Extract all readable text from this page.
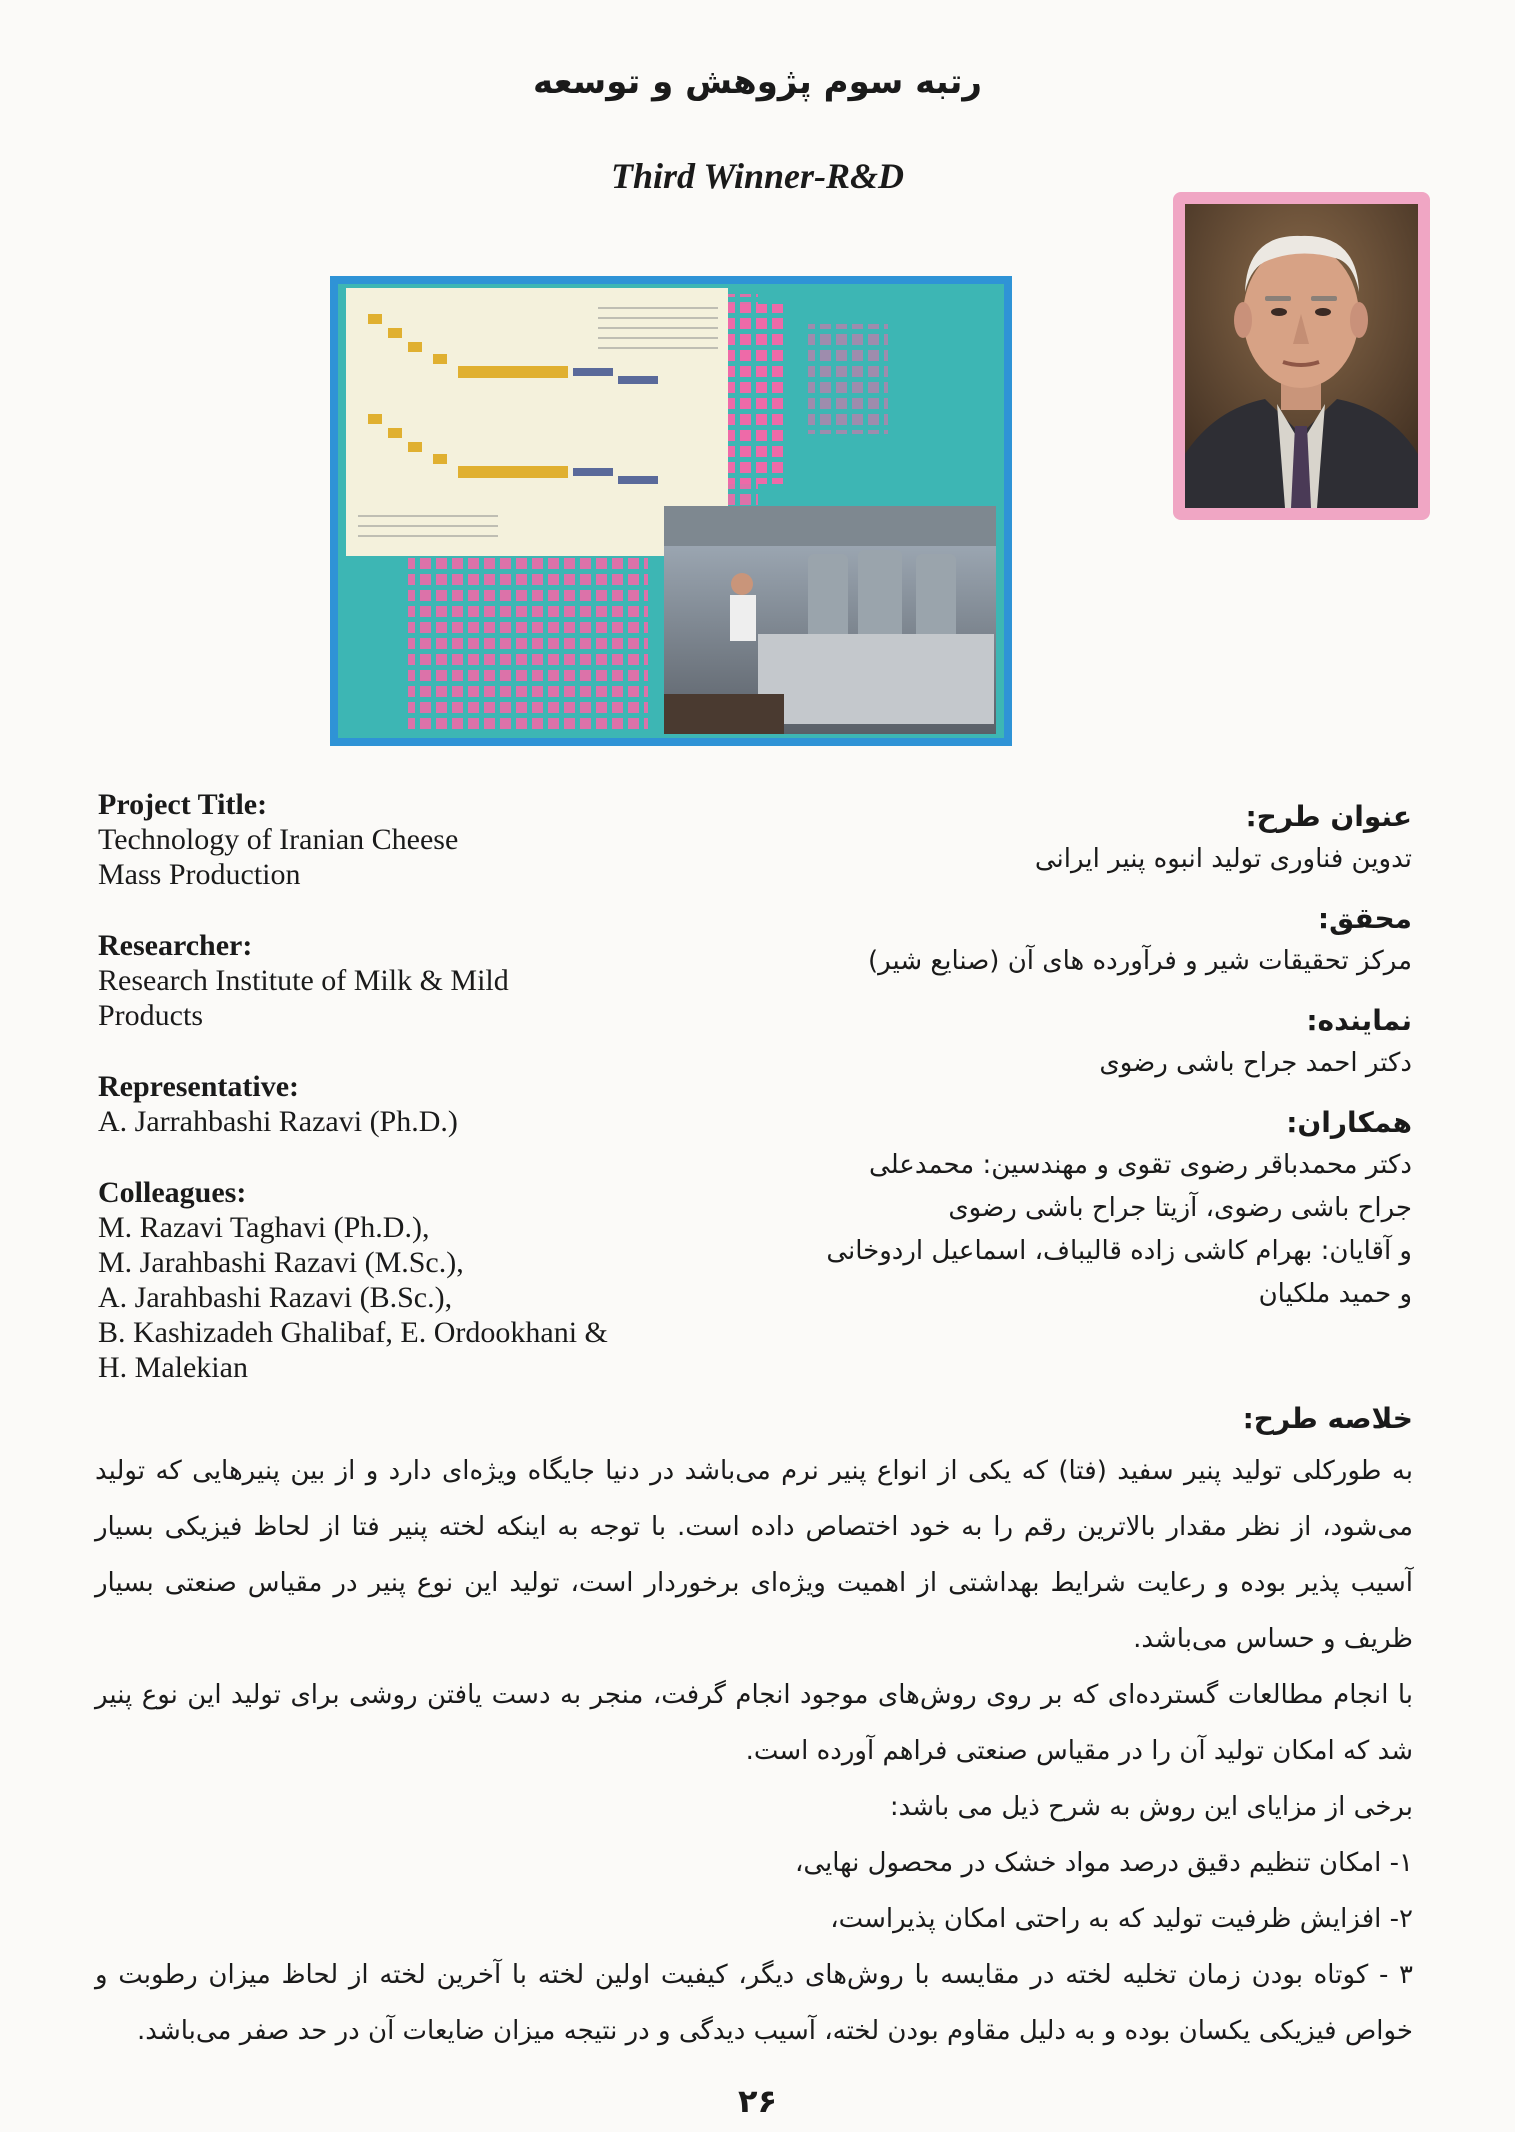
رتبه سوم پژوهش و توسعه
Third Winner-R&D
Project Title:
Technology of Iranian Cheese Mass Production
Researcher:
Research Institute of Milk & Mild Products
Representative:
A. Jarrahbashi Razavi (Ph.D.)
Colleagues:
M. Razavi Taghavi (Ph.D.),
M. Jarahbashi Razavi (M.Sc.),
A. Jarahbashi Razavi (B.Sc.),
B. Kashizadeh Ghalibaf, E. Ordookhani &
H. Malekian
عنوان طرح:
تدوین فناوری تولید انبوه پنیر ایرانی
محقق:
مرکز تحقیقات شیر و فرآورده های آن (صنایع شیر)
نماینده:
دکتر احمد جراح باشی رضوی
همکاران:
دکتر محمدباقر رضوی تقوی و مهندسین: محمدعلی
جراح باشی رضوی، آزیتا جراح باشی رضوی
و آقایان: بهرام کاشی زاده قالیباف، اسماعیل اردوخانی
و حمید ملکیان
خلاصه طرح:

به طورکلی تولید پنیر سفید (فتا) که یکی از انواع پنیر نرم می‌باشد در دنیا جایگاه ویژه‌ای دارد و از بین پنیرهایی که تولید می‌شود، از نظر مقدار بالاترین رقم را به خود اختصاص داده است. با توجه به اینکه لخته پنیر فتا از لحاظ فیزیکی بسیار آسیب پذیر بوده و رعایت شرایط بهداشتی از اهمیت ویژه‌ای برخوردار است، تولید این نوع پنیر در مقیاس صنعتی بسیار ظریف و حساس می‌باشد.

با انجام مطالعات گسترده‌ای که بر روی روش‌های موجود انجام گرفت، منجر به دست یافتن روشی برای تولید این نوع پنیر شد که امکان تولید آن را در مقیاس صنعتی فراهم آورده است.

برخی از مزایای این روش به شرح ذیل می باشد:

۱- امکان تنظیم دقیق درصد مواد خشک در محصول نهایی،

۲- افزایش ظرفیت تولید که به راحتی امکان پذیراست،

۳ - کوتاه بودن زمان تخلیه لخته در مقایسه با روش‌های دیگر، کیفیت اولین لخته با آخرین لخته از لحاظ میزان رطوبت و خواص فیزیکی یکسان بوده و به دلیل مقاوم بودن لخته، آسیب دیدگی و در نتیجه میزان ضایعات آن در حد صفر می‌باشد.

۲۶
